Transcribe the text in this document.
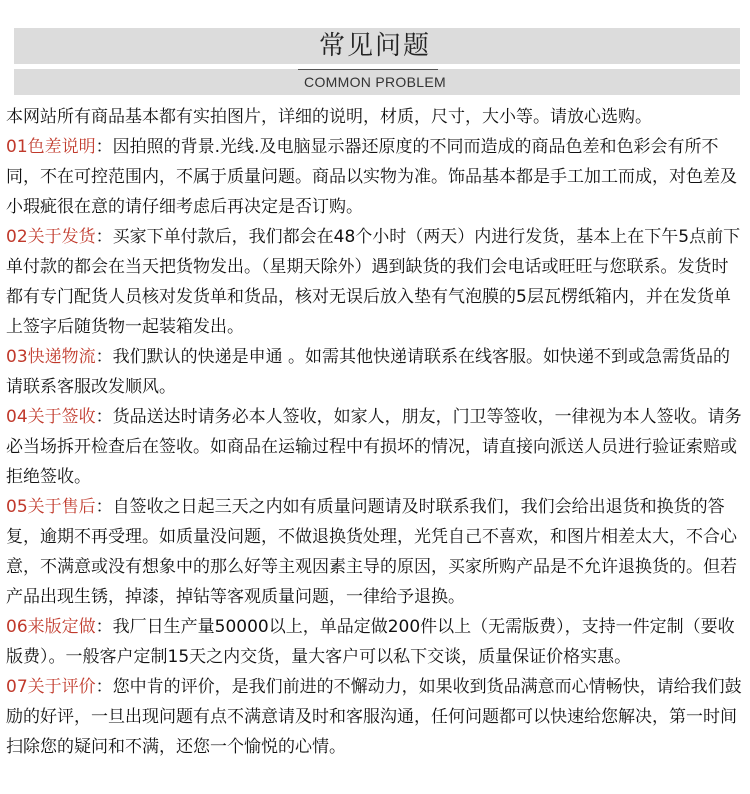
常见问题
COMMON PROBLEM

本网站所有商品基本都有实拍图片，详细的说明，材质，尺寸，大小等。请放心选购。

01色差说明：因拍照的背景.光线.及电脑显示器还原度的不同而造成的商品色差和色彩会有所不同，不在可控范围内，不属于质量问题。商品以实物为准。饰品基本都是手工加工而成，对色差及小瑕疵很在意的请仔细考虑后再决定是否订购。

02关于发货：买家下单付款后，我们都会在48个小时（两天）内进行发货，基本上在下午5点前下单付款的都会在当天把货物发出。（星期天除外）遇到缺货的我们会电话或旺旺与您联系。发货时都有专门配货人员核对发货单和货品，核对无误后放入垫有气泡膜的5层瓦楞纸箱内，并在发货单上签字后随货物一起装箱发出。

03快递物流：我们默认的快递是申通 。如需其他快递请联系在线客服。如快递不到或急需货品的请联系客服改发顺风。

04关于签收：货品送达时请务必本人签收，如家人，朋友，门卫等签收，一律视为本人签收。请务必当场拆开检查后在签收。如商品在运输过程中有损坏的情况，请直接向派送人员进行验证索赔或拒绝签收。

05关于售后：自签收之日起三天之内如有质量问题请及时联系我们，我们会给出退货和换货的答复，逾期不再受理。如质量没问题，不做退换货处理，光凭自己不喜欢，和图片相差太大，不合心意，不满意或没有想象中的那么好等主观因素主导的原因，买家所购产品是不允许退换货的。但若产品出现生锈，掉漆，掉钻等客观质量问题，一律给予退换。

06来版定做：我厂日生产量50000以上，单品定做200件以上（无需版费），支持一件定制（要收版费）。一般客户定制15天之内交货，量大客户可以私下交谈，质量保证价格实惠。

07关于评价：您中肯的评价，是我们前进的不懈动力，如果收到货品满意而心情畅快，请给我们鼓励的好评，一旦出现问题有点不满意请及时和客服沟通，任何问题都可以快速给您解决，第一时间扫除您的疑问和不满，还您一个愉悦的心情。
